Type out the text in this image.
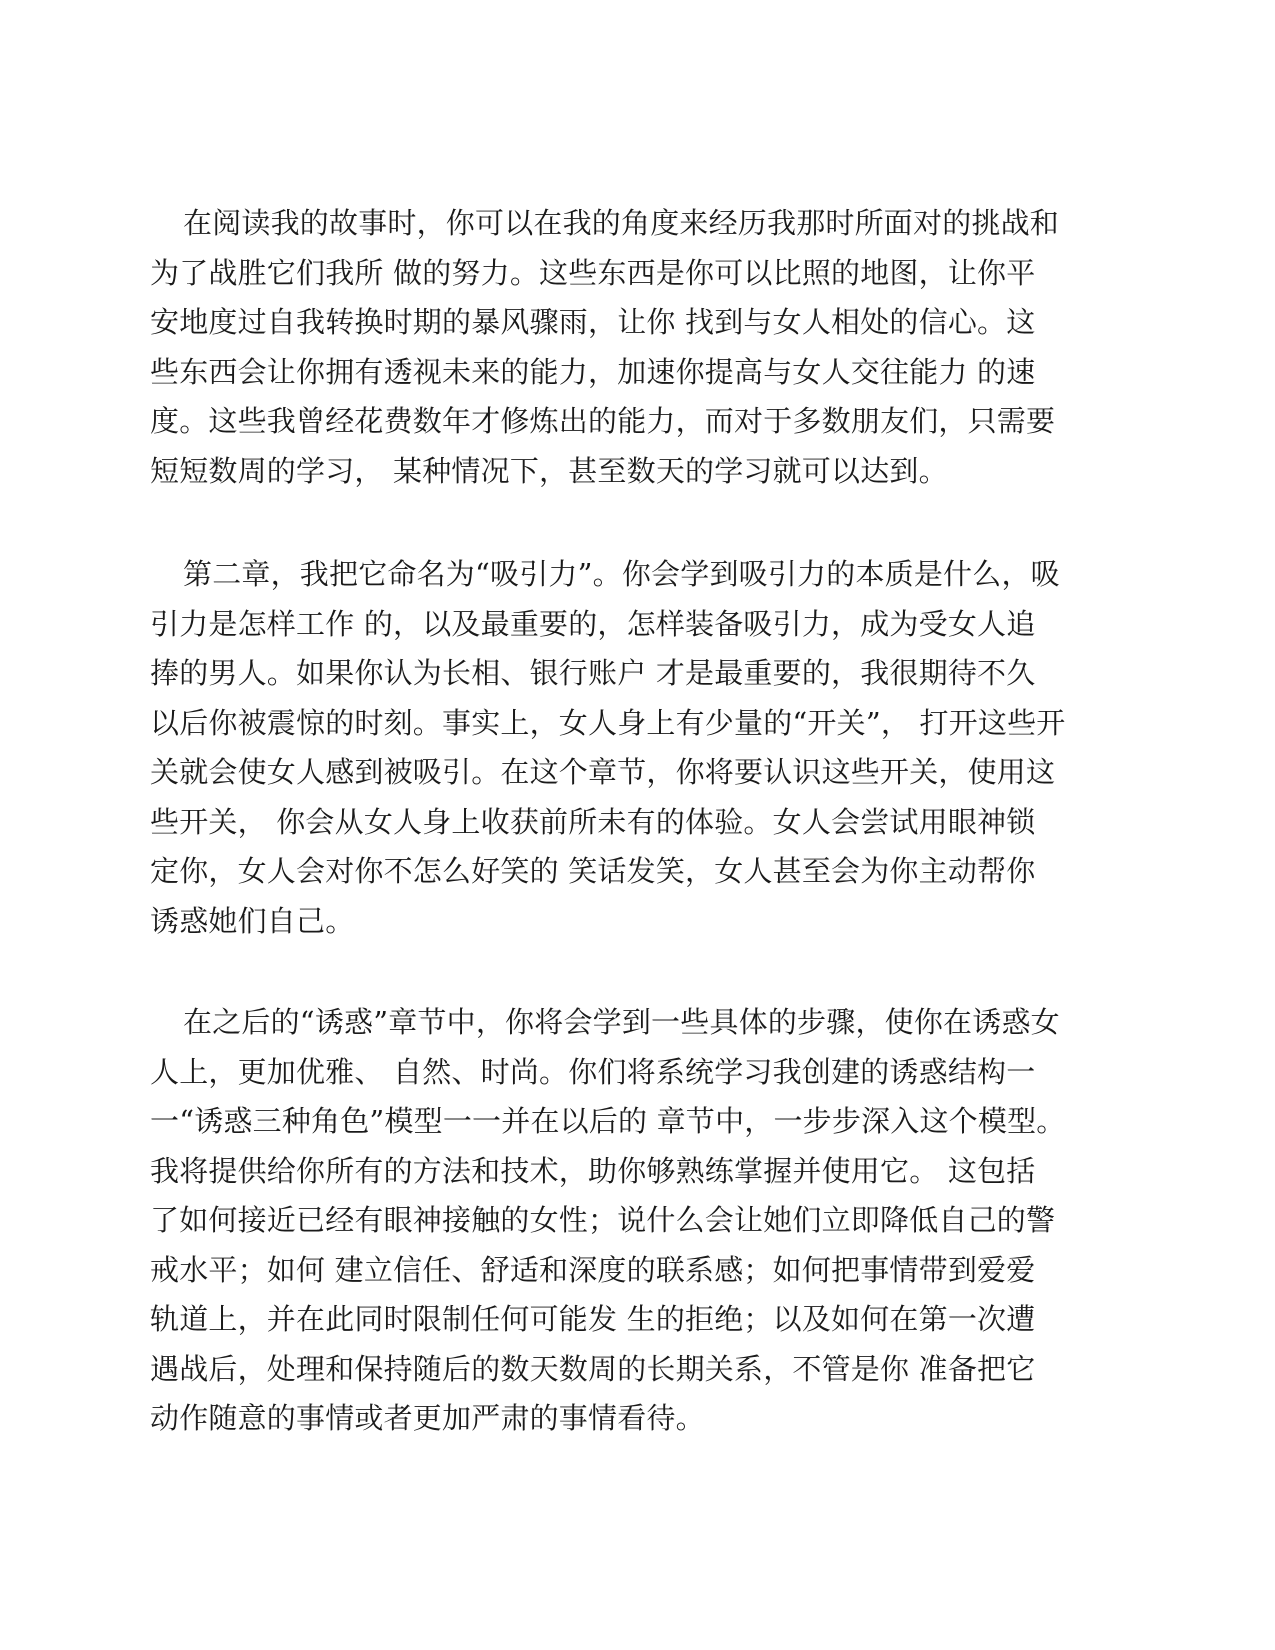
在阅读我的故事时，你可以在我的角度来经历我那时所面对的挑战和
为了战胜它们我所 做的努力。这些东西是你可以比照的地图，让你平
安地度过自我转换时期的暴风骤雨，让你 找到与女人相处的信心。这
些东西会让你拥有透视未来的能力，加速你提高与女人交往能力 的速
度。这些我曾经花费数年才修炼出的能力，而对于多数朋友们，只需要
短短数周的学习， 某种情况下，甚至数天的学习就可以达到。

第二章，我把它命名为“吸引力”。你会学到吸引力的本质是什么，吸
引力是怎样工作 的，以及最重要的，怎样装备吸引力，成为受女人追
捧的男人。如果你认为长相、银行账户 才是最重要的，我很期待不久
以后你被震惊的时刻。事实上，女人身上有少量的“开关”， 打开这些开
关就会使女人感到被吸引。在这个章节，你将要认识这些开关，使用这
些开关， 你会从女人身上收获前所未有的体验。女人会尝试用眼神锁
定你，女人会对你不怎么好笑的 笑话发笑，女人甚至会为你主动帮你
诱惑她们自己。

在之后的“诱惑”章节中，你将会学到一些具体的步骤，使你在诱惑女
人上，更加优雅、 自然、时尚。你们将系统学习我创建的诱惑结构一
一“诱惑三种角色”模型一一并在以后的 章节中，一步步深入这个模型。
我将提供给你所有的方法和技术，助你够熟练掌握并使用它。 这包括
了如何接近已经有眼神接触的女性；说什么会让她们立即降低自己的警
戒水平；如何 建立信任、舒适和深度的联系感；如何把事情带到爱爱
轨道上，并在此同时限制任何可能发 生的拒绝；以及如何在第一次遭
遇战后，处理和保持随后的数天数周的长期关系，不管是你 准备把它
动作随意的事情或者更加严肃的事情看待。
